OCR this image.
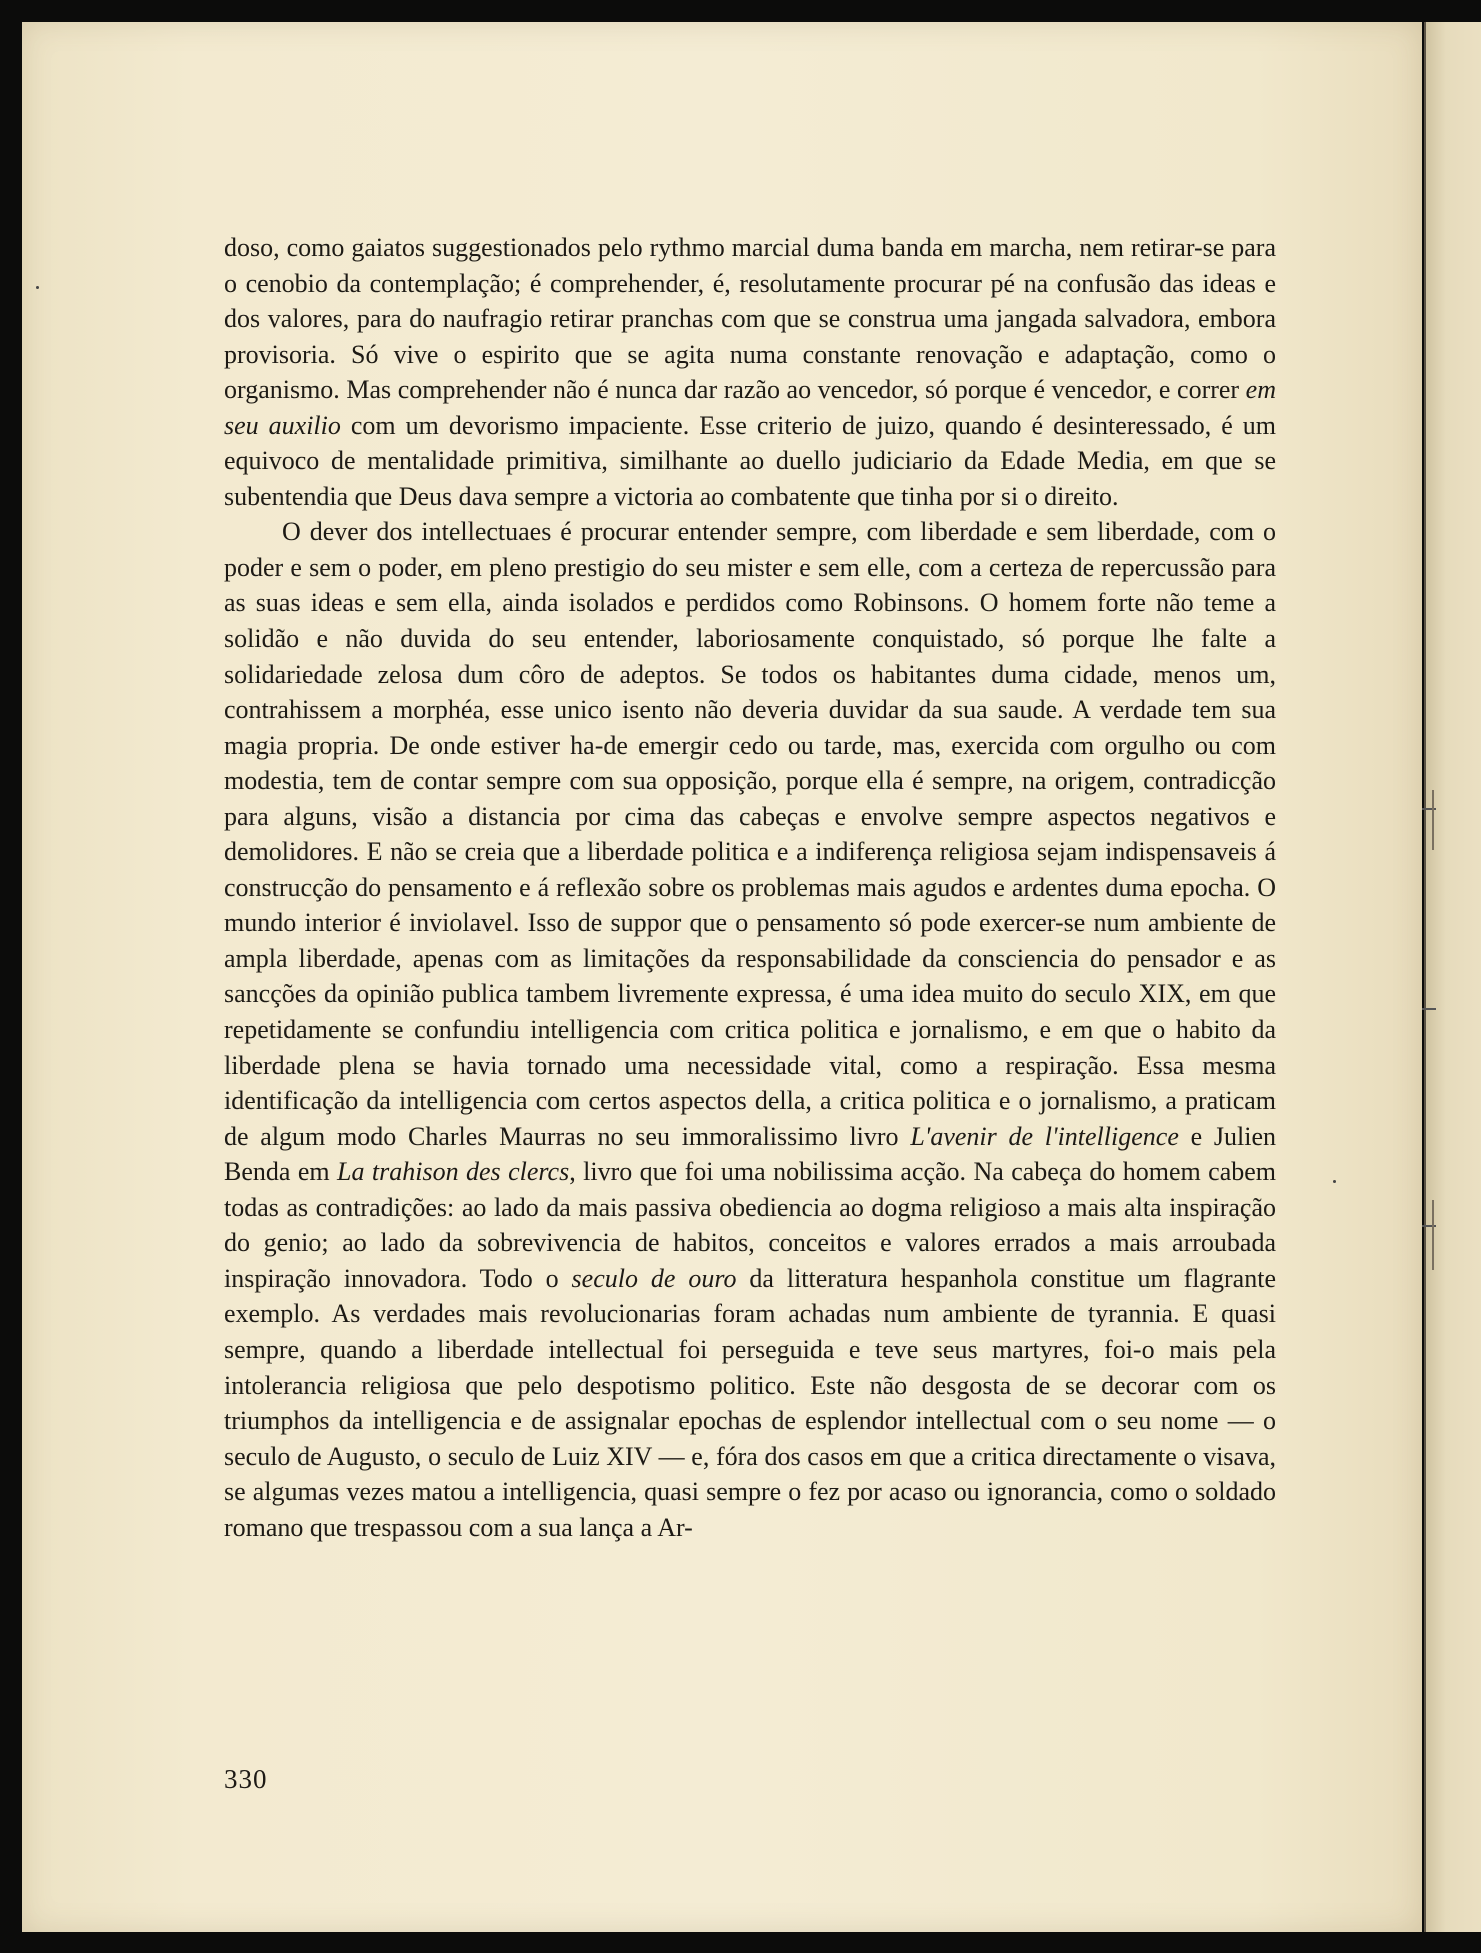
doso, como gaiatos suggestionados pelo rythmo marcial duma banda em marcha, nem retirar-se para o cenobio da contemplação; é comprehender, é, resolutamente procurar pé na confusão das ideas e dos valores, para do naufragio retirar pranchas com que se construa uma jangada salvadora, embora provisoria. Só vive o espirito que se agita numa constante renovação e adaptação, como o organismo. Mas comprehender não é nunca dar razão ao vencedor, só porque é vencedor, e correr em seu auxilio com um devorismo impaciente. Esse criterio de juizo, quando é desinteressado, é um equivoco de mentalidade primitiva, similhante ao duello judiciario da Edade Media, em que se subentendia que Deus dava sempre a victoria ao combatente que tinha por si o direito.

O dever dos intellectuaes é procurar entender sempre, com liberdade e sem liberdade, com o poder e sem o poder, em pleno prestigio do seu mister e sem elle, com a certeza de repercussão para as suas ideas e sem ella, ainda isolados e perdidos como Robinsons. O homem forte não teme a solidão e não duvida do seu entender, laboriosamente conquistado, só porque lhe falte a solidariedade zelosa dum côro de adeptos. Se todos os habitantes duma cidade, menos um, contrahissem a morphéa, esse unico isento não deveria duvidar da sua saude. A verdade tem sua magia propria. De onde estiver ha-de emergir cedo ou tarde, mas, exercida com orgulho ou com modestia, tem de contar sempre com sua opposição, porque ella é sempre, na origem, contradicção para alguns, visão a distancia por cima das cabeças e envolve sempre aspectos negativos e demolidores. E não se creia que a liberdade politica e a indiferença religiosa sejam indispensaveis á construcção do pensamento e á reflexão sobre os problemas mais agudos e ardentes duma epocha. O mundo interior é inviolavel. Isso de suppor que o pensamento só pode exercer-se num ambiente de ampla liberdade, apenas com as limitações da responsabilidade da consciencia do pensador e as sancções da opinião publica tambem livremente expressa, é uma idea muito do seculo XIX, em que repetidamente se confundiu intelligencia com critica politica e jornalismo, e em que o habito da liberdade plena se havia tornado uma necessidade vital, como a respiração. Essa mesma identificação da intelligencia com certos aspectos della, a critica politica e o jornalismo, a praticam de algum modo Charles Maurras no seu immoralissimo livro L'avenir de l'intelligence e Julien Benda em La trahison des clercs, livro que foi uma nobilissima acção. Na cabeça do homem cabem todas as contradições: ao lado da mais passiva obediencia ao dogma religioso a mais alta inspiração do genio; ao lado da sobrevivencia de habitos, conceitos e valores errados a mais arroubada inspiração innovadora. Todo o seculo de ouro da litteratura hespanhola constitue um flagrante exemplo. As verdades mais revolucionarias foram achadas num ambiente de tyrannia. E quasi sempre, quando a liberdade intellectual foi perseguida e teve seus martyres, foi-o mais pela intolerancia religiosa que pelo despotismo politico. Este não desgosta de se decorar com os triumphos da intelligencia e de assignalar epochas de esplendor intellectual com o seu nome — o seculo de Augusto, o seculo de Luiz XIV — e, fóra dos casos em que a critica directamente o visava, se algumas vezes matou a intelligencia, quasi sempre o fez por acaso ou ignorancia, como o soldado romano que trespassou com a sua lança a Ar-

330
